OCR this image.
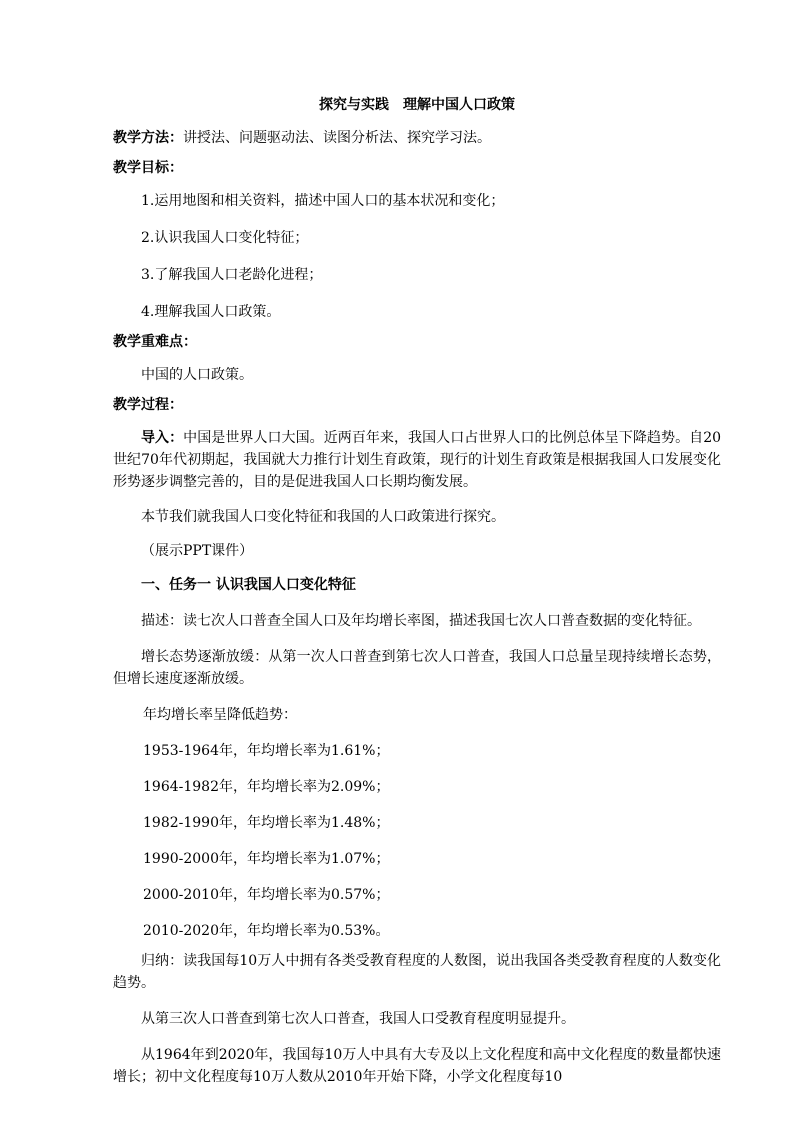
探究与实践　理解中国人口政策

教学方法：讲授法、问题驱动法、读图分析法、探究学习法。

教学目标：

1.运用地图和相关资料，描述中国人口的基本状况和变化；

2.认识我国人口变化特征；

3.了解我国人口老龄化进程；

4.理解我国人口政策。

教学重难点：

中国的人口政策。

教学过程：

导入：中国是世界人口大国。近两百年来，我国人口占世界人口的比例总体呈下降趋势。自20世纪70年代初期起，我国就大力推行计划生育政策，现行的计划生育政策是根据我国人口发展变化形势逐步调整完善的，目的是促进我国人口长期均衡发展。

本节我们就我国人口变化特征和我国的人口政策进行探究。

（展示PPT课件）

一、任务一 认识我国人口变化特征

描述：读七次人口普查全国人口及年均增长率图，描述我国七次人口普查数据的变化特征。

增长态势逐渐放缓：从第一次人口普查到第七次人口普查，我国人口总量呈现持续增长态势，但增长速度逐渐放缓。

年均增长率呈降低趋势：

1953-1964年，年均增长率为1.61%；

1964-1982年，年均增长率为2.09%；

1982-1990年，年均增长率为1.48%；

1990-2000年，年均增长率为1.07%；

2000-2010年，年均增长率为0.57%；

2010-2020年，年均增长率为0.53%。

归纳：读我国每10万人中拥有各类受教育程度的人数图，说出我国各类受教育程度的人数变化趋势。

从第三次人口普查到第七次人口普查，我国人口受教育程度明显提升。

从1964年到2020年，我国每10万人中具有大专及以上文化程度和高中文化程度的数量都快速增长；初中文化程度每10万人数从2010年开始下降，小学文化程度每10
